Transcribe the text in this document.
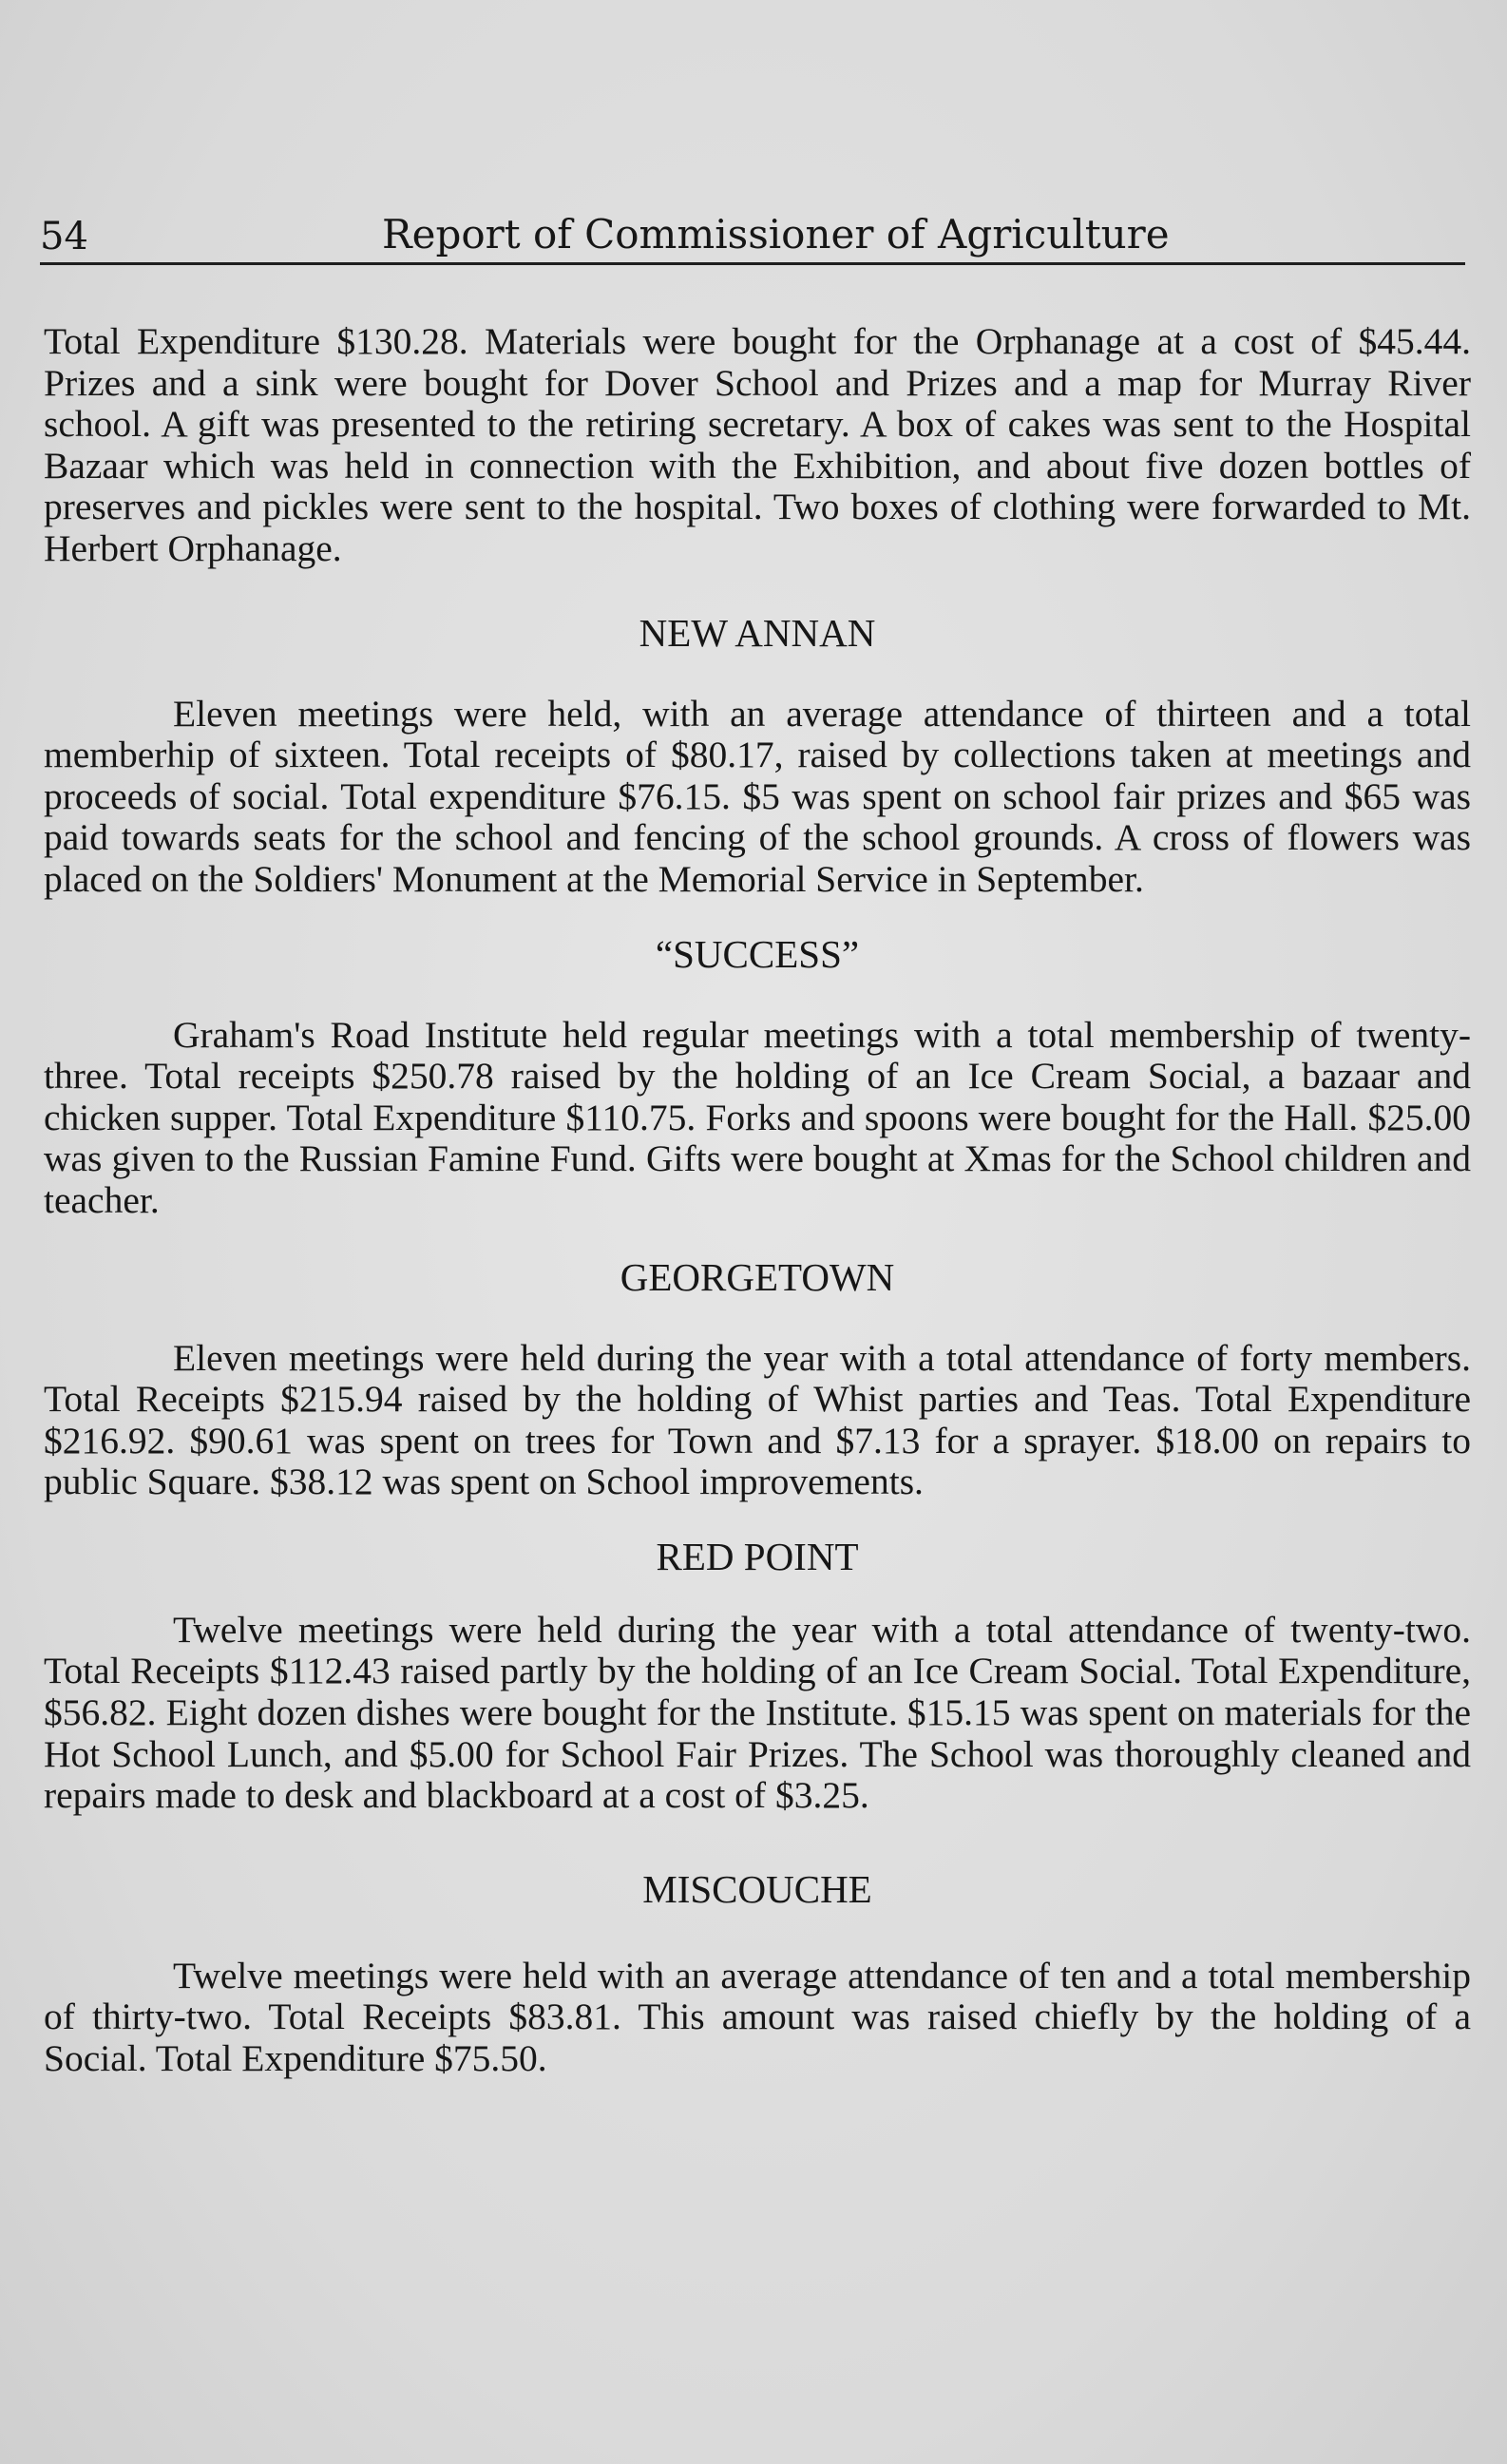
54	Report of Commissioner of Agriculture

Total Expenditure $130.28. Materials were bought for the Orphanage at a cost of $45.44. Prizes and a sink were bought for Dover School and Prizes and a map for Murray River school. A gift was presented to the retiring secretary. A box of cakes was sent to the Hospital Bazaar which was held in connection with the Exhibition, and about five dozen bottles of preserves and pickles were sent to the hospital. Two boxes of clothing were forwarded to Mt. Herbert Orphanage.

NEW ANNAN

Eleven meetings were held, with an average attendance of thirteen and a total memberhip of sixteen. Total receipts of $80.17, raised by collections taken at meetings and proceeds of social. Total expenditure $76.15. $5 was spent on school fair prizes and $65 was paid towards seats for the school and fencing of the school grounds. A cross of flowers was placed on the Soldiers' Monument at the Memorial Service in September.

“SUCCESS”

Graham's Road Institute held regular meetings with a total membership of twenty-three. Total receipts $250.78 raised by the holding of an Ice Cream Social, a bazaar and chicken supper. Total Expenditure $110.75. Forks and spoons were bought for the Hall. $25.00 was given to the Russian Famine Fund. Gifts were bought at Xmas for the School children and teacher.

GEORGETOWN

Eleven meetings were held during the year with a total attendance of forty members. Total Receipts $215.94 raised by the holding of Whist parties and Teas. Total Expenditure $216.92. $90.61 was spent on trees for Town and $7.13 for a sprayer. $18.00 on repairs to public Square. $38.12 was spent on School improvements.

RED POINT

Twelve meetings were held during the year with a total attendance of twenty-two. Total Receipts $112.43 raised partly by the holding of an Ice Cream Social. Total Expenditure, $56.82. Eight dozen dishes were bought for the Institute. $15.15 was spent on materials for the Hot School Lunch, and $5.00 for School Fair Prizes. The School was thoroughly cleaned and repairs made to desk and blackboard at a cost of $3.25.

MISCOUCHE

Twelve meetings were held with an average attendance of ten and a total membership of thirty-two. Total Receipts $83.81. This amount was raised chiefly by the holding of a Social. Total Expenditure $75.50.
